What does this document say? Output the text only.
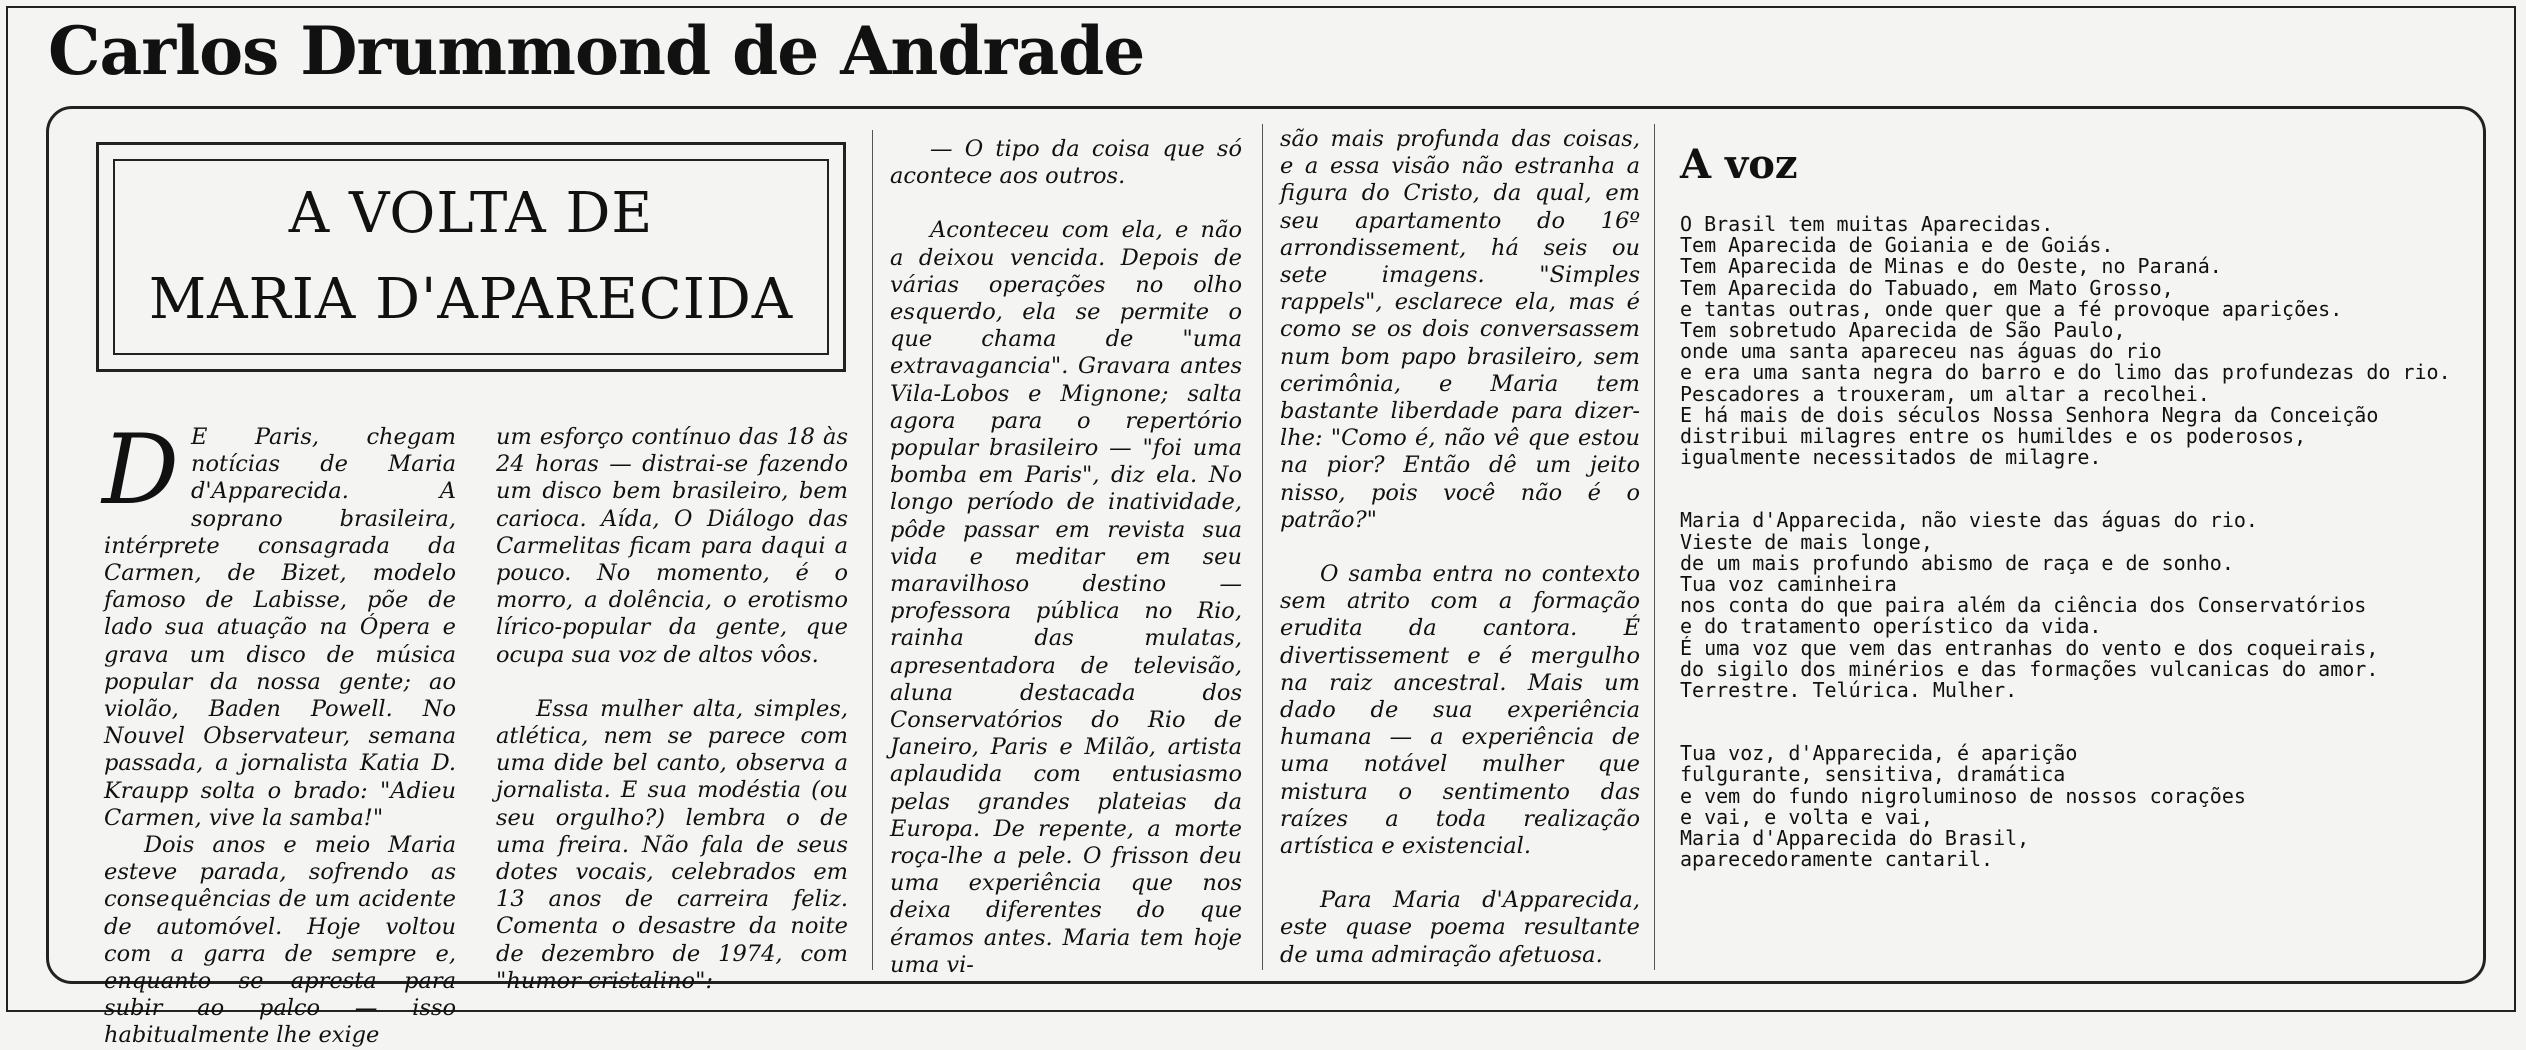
Carlos Drummond de Andrade
A VOLTA DE
MARIA D'APARECIDA

D E Paris, chegam notícias de Maria d'Apparecida. A soprano brasileira, intérprete consagrada da Carmen, de Bizet, modelo famoso de Labisse, põe de lado sua atuação na Ópera e grava um disco de música popular da nossa gente; ao violão, Baden Powell. No Nouvel Observateur, semana passada, a jornalista Katia D. Kraupp solta o brado: "Adieu Carmen, vive la samba!"

Dois anos e meio Maria esteve parada, sofrendo as consequências de um acidente de automóvel. Hoje voltou com a garra de sempre e, enquanto se apresta para subir ao palco — isso habitualmente lhe exige

um esforço contínuo das 18 às 24 horas — distrai-se fazendo um disco bem brasileiro, bem carioca. Aída, O Diálogo das Carmelitas ficam para daqui a pouco. No momento, é o morro, a dolência, o erotismo lírico-popular da gente, que ocupa sua voz de altos vôos.

Essa mulher alta, simples, atlética, nem se parece com uma dide bel canto, observa a jornalista. E sua modéstia (ou seu orgulho?) lembra o de uma freira. Não fala de seus dotes vocais, celebrados em 13 anos de carreira feliz. Comenta o desastre da noite de dezembro de 1974, com "humor cristalino":

— O tipo da coisa que só acontece aos outros.

Aconteceu com ela, e não a deixou vencida. Depois de várias operações no olho esquerdo, ela se permite o que chama de "uma extravagancia". Gravara antes Vila-Lobos e Mignone; salta agora para o repertório popular brasileiro — "foi uma bomba em Paris", diz ela. No longo período de inatividade, pôde passar em revista sua vida e meditar em seu maravilhoso destino — professora pública no Rio, rainha das mulatas, apresentadora de televisão, aluna destacada dos Conservatórios do Rio de Janeiro, Paris e Milão, artista aplaudida com entusiasmo pelas grandes plateias da Europa. De repente, a morte roça-lhe a pele. O frisson deu uma experiência que nos deixa diferentes do que éramos antes. Maria tem hoje uma vi-

são mais profunda das coisas, e a essa visão não estranha a figura do Cristo, da qual, em seu apartamento do 16º arrondissement, há seis ou sete imagens. "Simples rappels", esclarece ela, mas é como se os dois conversassem num bom papo brasileiro, sem cerimônia, e Maria tem bastante liberdade para dizer-lhe: "Como é, não vê que estou na pior? Então dê um jeito nisso, pois você não é o patrão?"

O samba entra no contexto sem atrito com a formação erudita da cantora. É divertissement e é mergulho na raiz ancestral. Mais um dado de sua experiência humana — a experiência de uma notável mulher que mistura o sentimento das raízes a toda realização artística e existencial.

Para Maria d'Apparecida, este quase poema resultante de uma admiração afetuosa.

A voz
O Brasil tem muitas Aparecidas.
Tem Aparecida de Goiania e de Goiás.
Tem Aparecida de Minas e do Oeste, no Paraná.
Tem Aparecida do Tabuado, em Mato Grosso,
e tantas outras, onde quer que a fé provoque aparições.
Tem sobretudo Aparecida de São Paulo,
onde uma santa apareceu nas águas do rio
e era uma santa negra do barro e do limo das profundezas do rio.
Pescadores a trouxeram, um altar a recolhei.
E há mais de dois séculos Nossa Senhora Negra da Conceição
distribui milagres entre os humildes e os poderosos,
igualmente necessitados de milagre.
Maria d'Apparecida, não vieste das águas do rio.
Vieste de mais longe,
de um mais profundo abismo de raça e de sonho.
Tua voz caminheira
nos conta do que paira além da ciência dos Conservatórios
e do tratamento operístico da vida.
É uma voz que vem das entranhas do vento e dos coqueirais,
do sigilo dos minérios e das formações vulcanicas do amor.
Terrestre. Telúrica. Mulher.
Tua voz, d'Apparecida, é aparição
fulgurante, sensitiva, dramática
e vem do fundo nigroluminoso de nossos corações
e vai, e volta e vai,
Maria d'Apparecida do Brasil,
aparecedoramente cantaril.
